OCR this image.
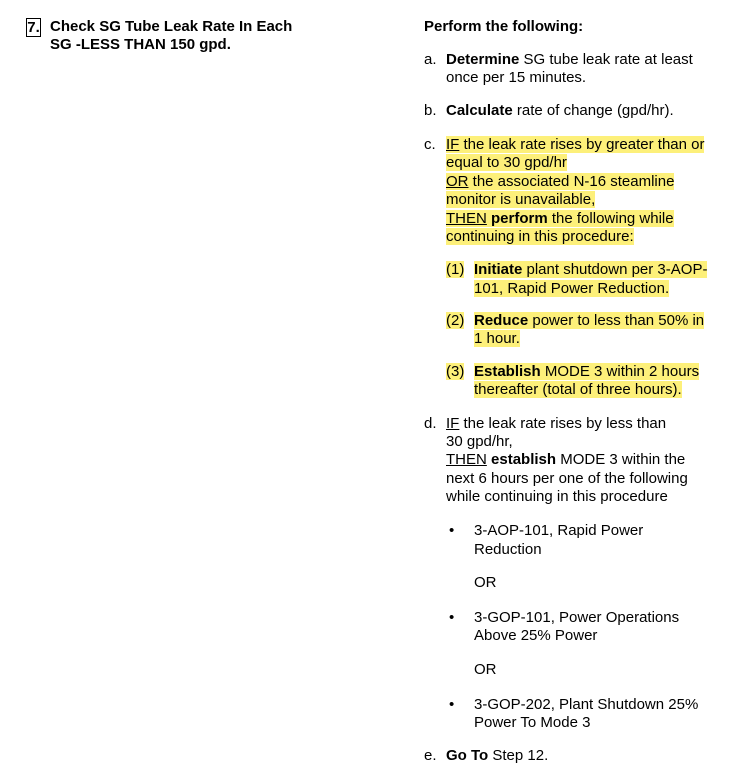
7. Check SG Tube Leak Rate In Each
SG -LESS THAN 150 gpd.
Perform the following:
a. Determine SG tube leak rate at least
once per 15 minutes.
b. Calculate rate of change (gpd/hr).
c. IF the leak rate rises by greater than or
equal to 30 gpd/hr
OR the associated N-16 steamline
monitor is unavailable,
THEN perform the following while
continuing in this procedure:
(1) Initiate plant shutdown per 3-AOP-
101, Rapid Power Reduction.
(2) Reduce power to less than 50% in
1 hour.
(3) Establish MODE 3 within 2 hours
thereafter (total of three hours).
d. IF the leak rate rises by less than
30 gpd/hr,
THEN establish MODE 3 within the
next 6 hours per one of the following
while continuing in this procedure
• 3-AOP-101, Rapid Power
Reduction
OR
• 3-GOP-101, Power Operations
Above 25% Power
OR
• 3-GOP-202, Plant Shutdown 25%
Power To Mode 3
e. Go To Step 12.
